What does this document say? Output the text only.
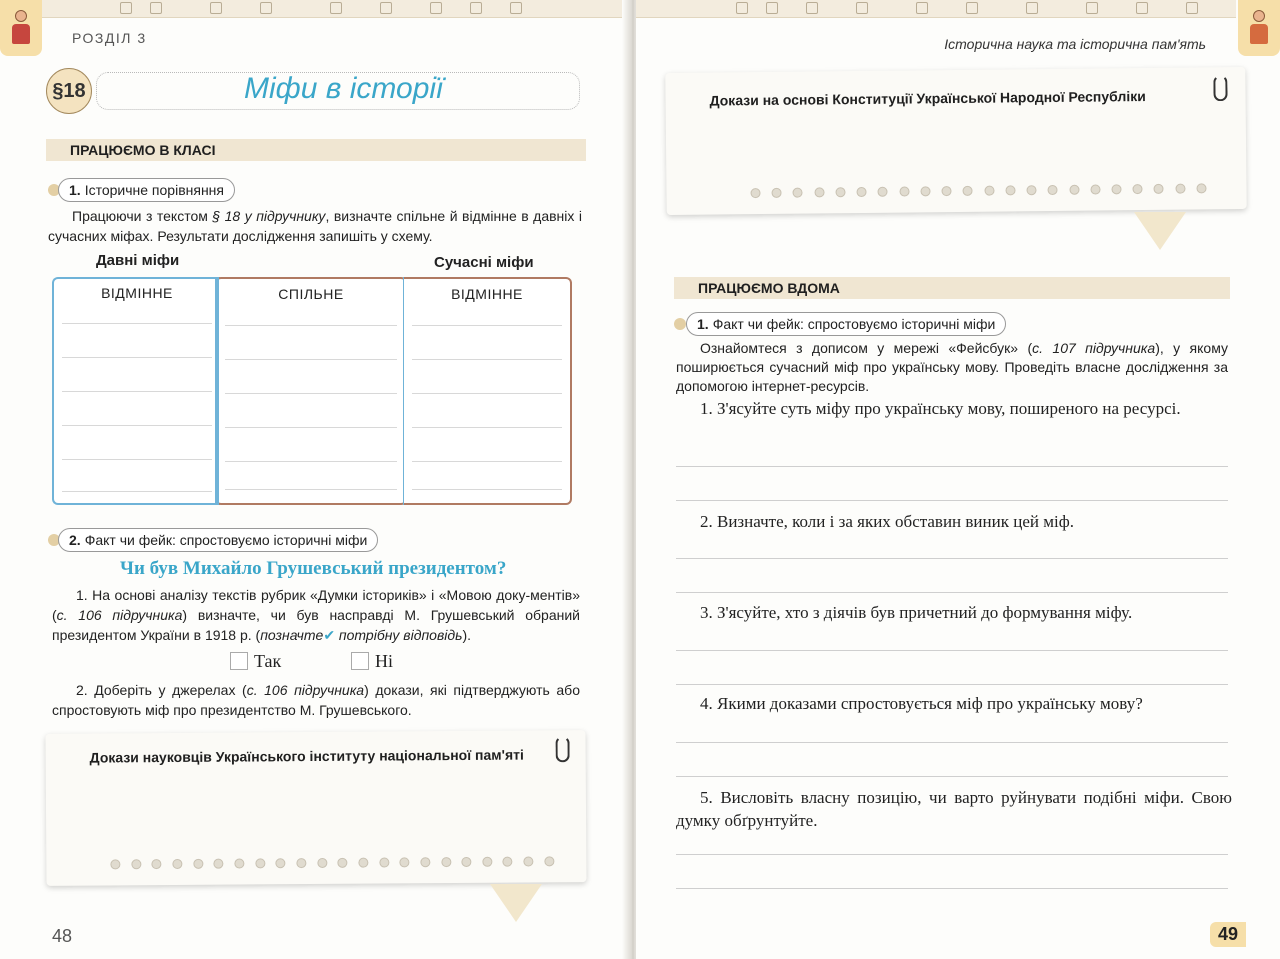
РОЗДІЛ 3
§18	Міфи в історії
ПРАЦЮЄМО В КЛАСІ
1. Історичне порівняння
Працюючи з текстом § 18 у підручнику, визначте спільне й відмінне в давніх і сучасних міфах. Результати дослідження запишіть у схему.
Давні міфи	Сучасні міфи
ВІДМІННЕ	СПІЛЬНЕ	ВІДМІННЕ
2. Факт чи фейк: спростовуємо історичні міфи
Чи був Михайло Грушевський президентом?
1. На основі аналізу текстів рубрик «Думки істориків» і «Мовою доку-ментів» (с. 106 підручника) визначте, чи був насправді М. Грушевський обраний президентом України в 1918 р. (позначте✔ потрібну відповідь).
Так	Ні
2. Доберіть у джерелах (с. 106 підручника) докази, які підтверджують або спростовують міф про президентство М. Грушевського.
Докази науковців Українського інституту національної пам'яті
48
Історична наука та історична пам'ять
Докази на основі Конституції Української Народної Республіки
ПРАЦЮЄМО ВДОМА
1. Факт чи фейк: спростовуємо історичні міфи
Ознайомтеся з дописом у мережі «Фейсбук» (с. 107 підручника), у якому поширюється сучасний міф про українську мову. Проведіть власне дослідження за допомогою інтернет-ресурсів.
1. З'ясуйте суть міфу про українську мову, поширеного на ресурсі.
2. Визначте, коли і за яких обставин виник цей міф.
3. З'ясуйте, хто з діячів був причетний до формування міфу.
4. Якими доказами спростовується міф про українську мову?
5. Висловіть власну позицію, чи варто руйнувати подібні міфи. Свою думку обґрунтуйте.
49
